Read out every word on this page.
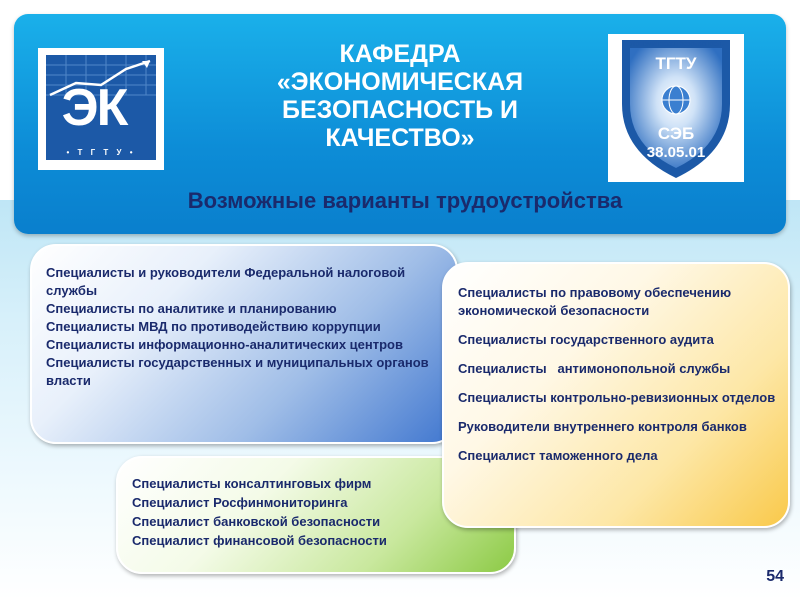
ЭК
• Т Г Т У •
КАФЕДРА
«ЭКОНОМИЧЕСКАЯ
БЕЗОПАСНОСТЬ И
КАЧЕСТВО»
Возможные варианты трудоустройства
экономическая безопасность
ТГТУ
СЭБ
38.05.01
Специалисты и руководители Федеральной налоговой службы
Специалисты по аналитике и планированию
Специалисты МВД по противодействию коррупции
Специалисты информационно-аналитических центров
Специалисты государственных и муниципальных органов власти
Специалисты консалтинговых фирм
Специалист Росфинмониторинга
Специалист банковской безопасности
Специалист финансовой безопасности
Специалисты по правовому обеспечению экономической безопасности
Специалисты государственного аудита
Специалисты   антимонопольной службы
Специалисты контрольно-ревизионных отделов
Руководители внутреннего контроля банков
Специалист таможенного дела
54
